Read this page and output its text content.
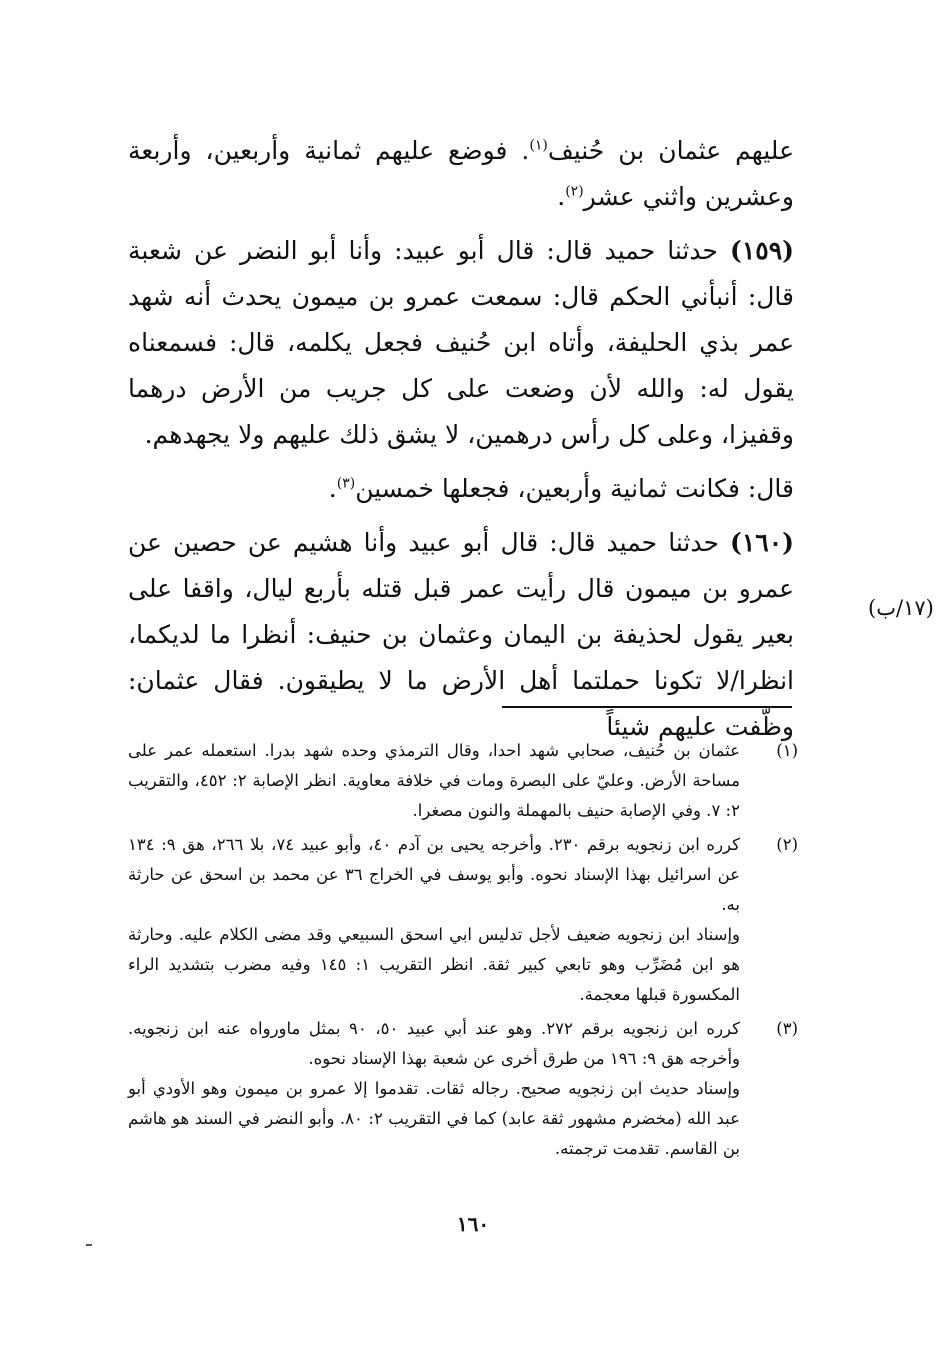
عليهم عثمان بن حُنيف$^{(١)}$. فوضع عليهم ثمانية وأربعين، وأربعة وعشرين واثني عشر$^{(٢)}$.

(١٥٩) حدثنا حميد قال: قال أبو عبيد: وأنا أبو النضر عن شعبة قال: أنبأني الحكم قال: سمعت عمرو بن ميمون يحدث أنه شهد عمر بذي الحليفة، وأتاه ابن حُنيف فجعل يكلمه، قال: فسمعناه يقول له: والله لأن وضعت على كل جريب من الأرض درهما وقفيزا، وعلى كل رأس درهمين، لا يشق ذلك عليهم ولا يجهدهم.

قال: فكانت ثمانية وأربعين، فجعلها خمسين$^{(٣)}$.

(١٦٠) حدثنا حميد قال: قال أبو عبيد وأنا هشيم عن حصين عن عمرو بن ميمون قال رأيت عمر قبل قتله بأربع ليال، واقفا على بعير يقول لحذيفة بن اليمان وعثمان بن حنيف: أنظرا ما لديكما، انظرا/لا تكونا حملتما أهل الأرض ما لا يطيقون. فقال عثمان: وظّفت عليهم شيئاً

(١٧/ب)
(١)

عثمان بن حُنيف، صحابي شهد احدا، وقال الترمذي وحده شهد بدرا. استعمله عمر على مساحة الأرض. وعليّ على البصرة ومات في خلافة معاوية. انظر الإصابة ٢: ٤٥٢، والتقريب ٢: ٧. وفي الإصابة حنيف بالمهملة والنون مصغرا.

(٢)

كرره ابن زنجويه برقم ٢٣٠. وأخرجه يحيى بن آدم ٤٠، وأبو عبيد ٧٤، بلا ٢٦٦، هق ٩: ١٣٤ عن اسرائيل بهذا الإسناد نحوه. وأبو يوسف في الخراج ٣٦ عن محمد بن اسحق عن حارثة به.

وإسناد ابن زنجويه ضعيف لأجل تدليس ابي اسحق السبيعي وقد مضى الكلام عليه. وحارثة هو ابن مُضَرِّب وهو تابعي كبير ثقة. انظر التقريب ١: ١٤٥ وفيه مضرب بتشديد الراء المكسورة قبلها معجمة.

(٣)

كرره ابن زنجويه برقم ٢٧٢. وهو عند أبي عبيد ٥٠، ٩٠ بمثل ماورواه عنه ابن زنجويه. وأخرجه هق ٩: ١٩٦ من طرق أخرى عن شعبة بهذا الإسناد نحوه.

وإسناد حديث ابن زنجويه صحيح. رجاله ثقات. تقدموا إلا عمرو بن ميمون وهو الأودي أبو عبد الله (مخضرم مشهور ثقة عابد) كما في التقريب ٢: ٨٠. وأبو النضر في السند هو هاشم بن القاسم. تقدمت ترجمته.

١٦٠
